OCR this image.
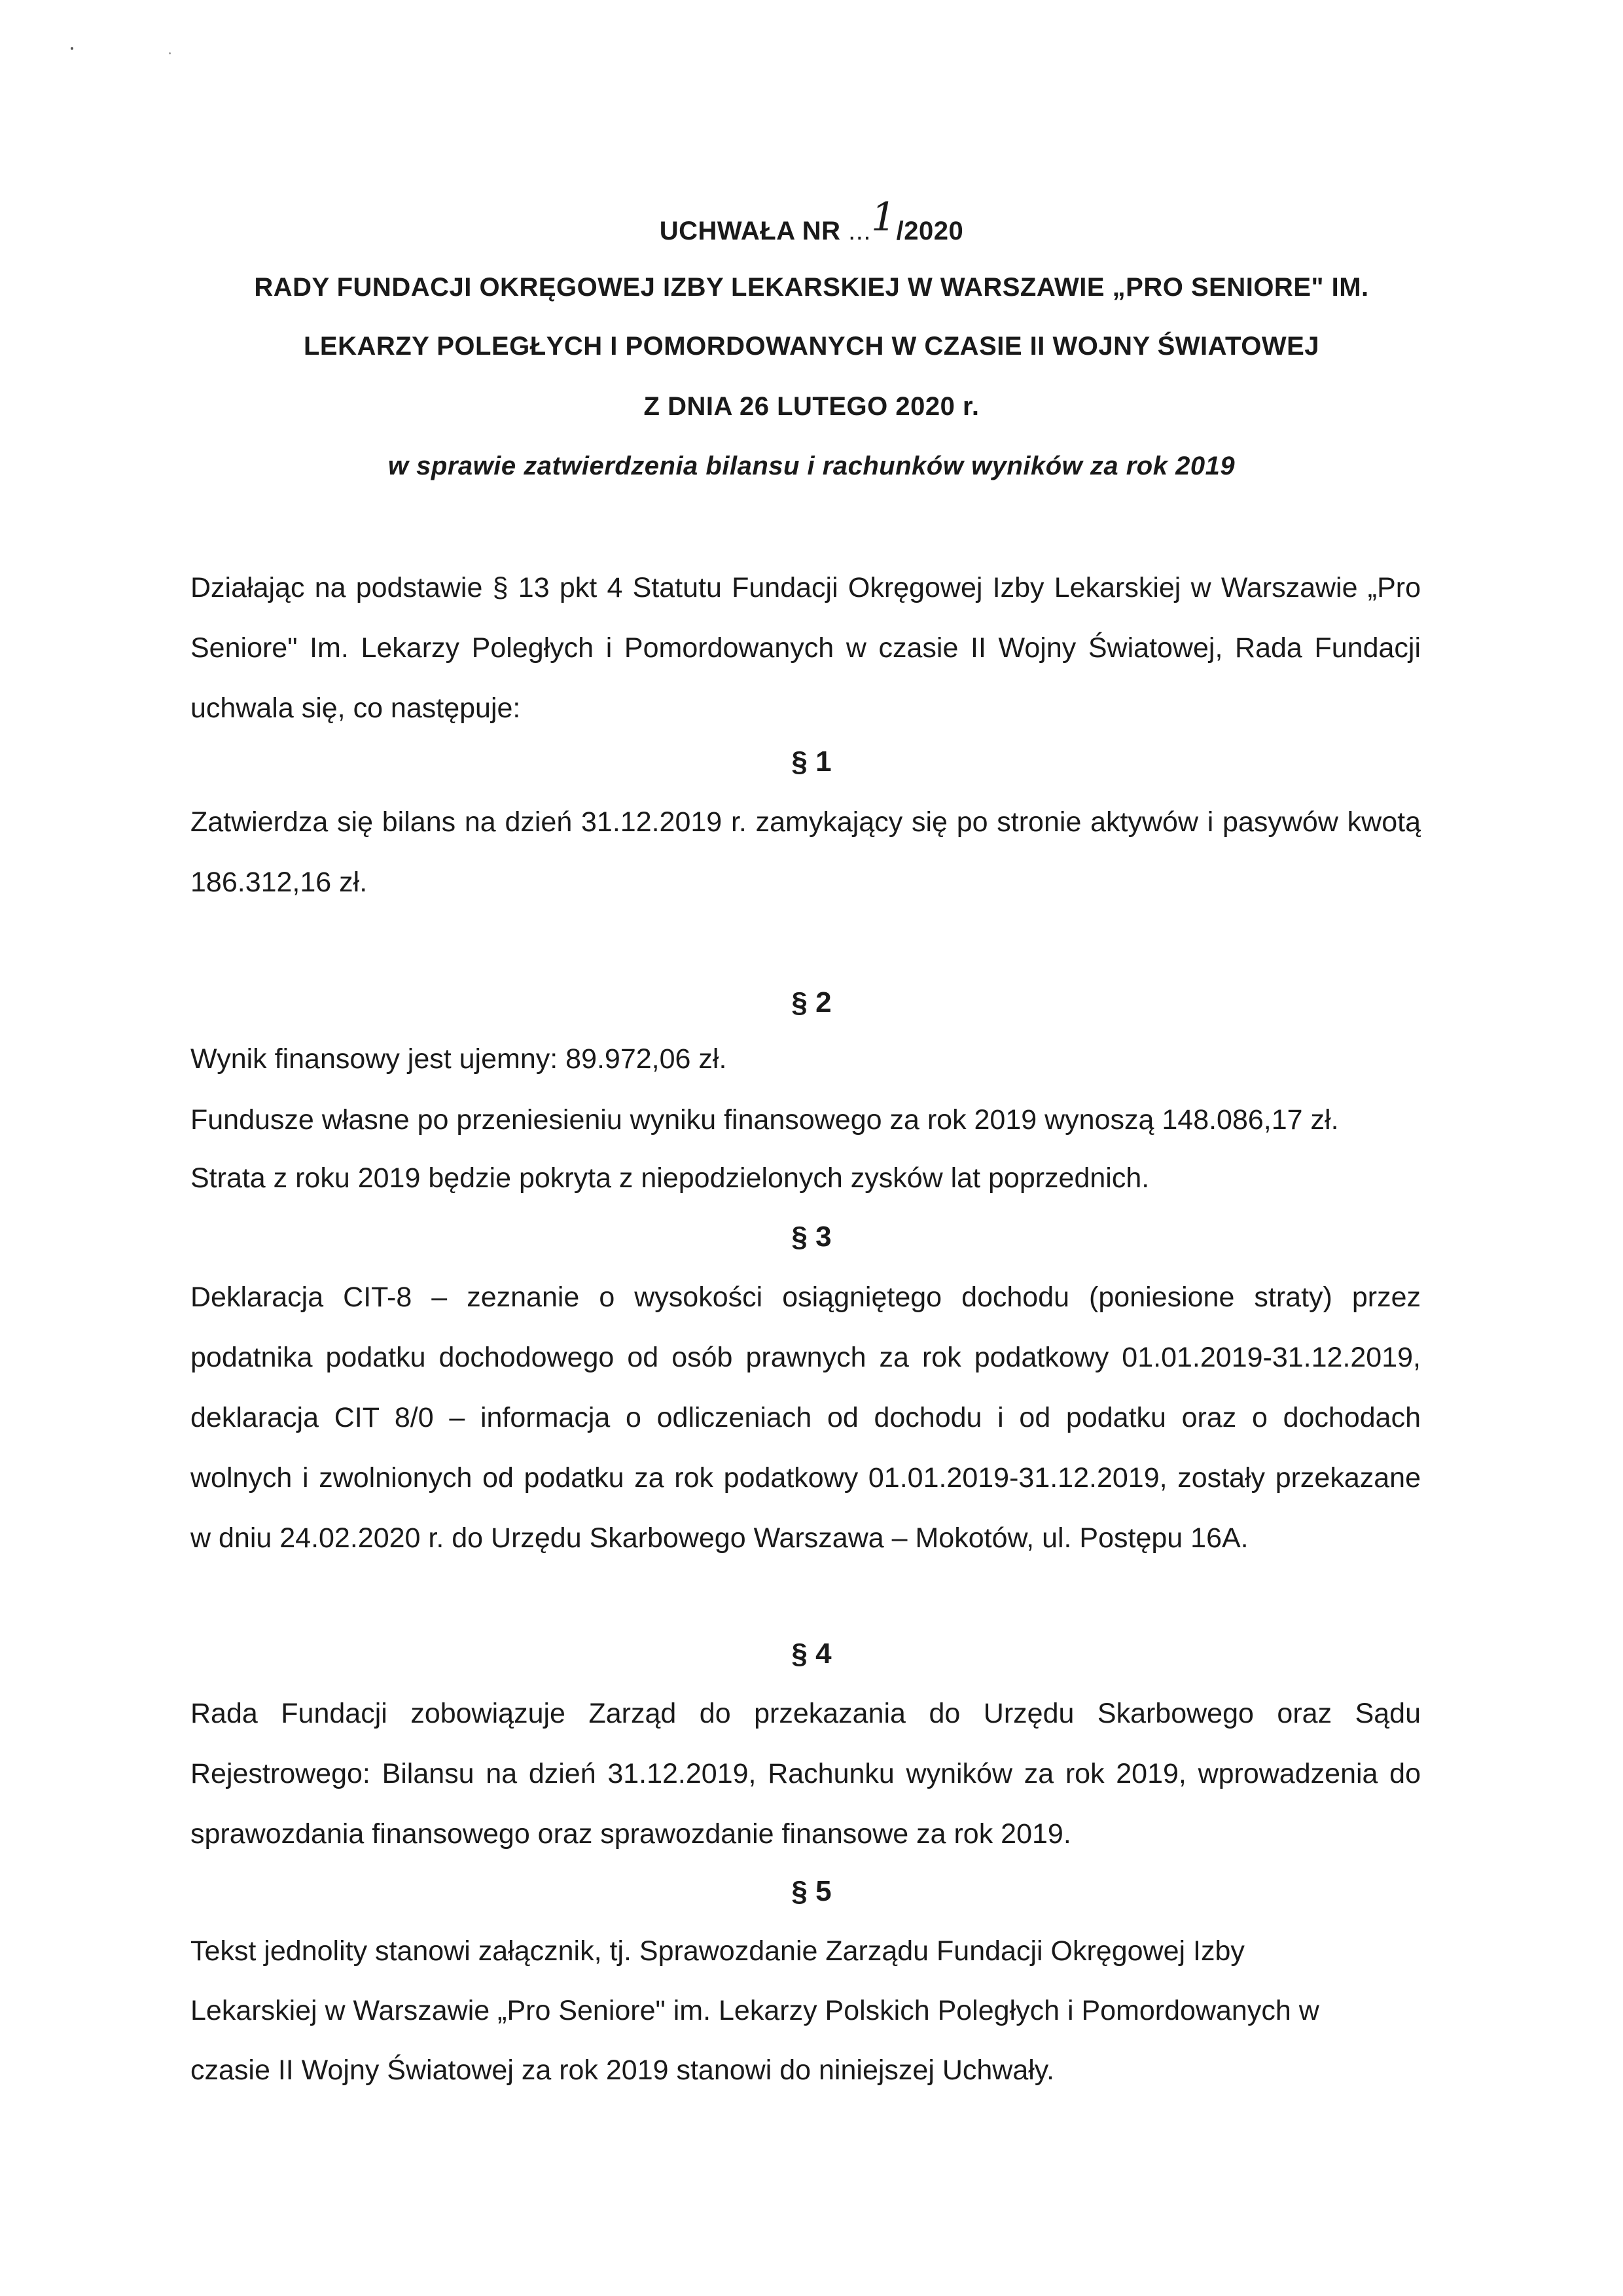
UCHWAŁA NR ...1/2020
RADY FUNDACJI OKRĘGOWEJ IZBY LEKARSKIEJ W WARSZAWIE „PRO SENIORE" IM.
LEKARZY POLEGŁYCH I POMORDOWANYCH W CZASIE II WOJNY ŚWIATOWEJ
Z DNIA 26 LUTEGO 2020 r.
w sprawie zatwierdzenia bilansu i rachunków wyników za rok 2019

Działając na podstawie § 13 pkt 4 Statutu Fundacji Okręgowej Izby Lekarskiej w Warszawie „Pro Seniore" Im. Lekarzy Poległych i Pomordowanych w czasie II Wojny Światowej, Rada Fundacji uchwala się, co następuje:

§ 1

Zatwierdza się bilans na dzień 31.12.2019 r. zamykający się po stronie aktywów i pasywów kwotą 186.312,16 zł.

§ 2
Wynik finansowy jest ujemny: 89.972,06 zł.
Fundusze własne po przeniesieniu wyniku finansowego za rok 2019 wynoszą 148.086,17 zł.
Strata z roku 2019 będzie pokryta z niepodzielonych zysków lat poprzednich.
§ 3

Deklaracja CIT-8 – zeznanie o wysokości osiągniętego dochodu (poniesione straty) przez podatnika podatku dochodowego od osób prawnych za rok podatkowy 01.01.2019-31.12.2019, deklaracja CIT 8/0 – informacja o odliczeniach od dochodu i od podatku oraz o dochodach wolnych i zwolnionych od podatku za rok podatkowy 01.01.2019-31.12.2019, zostały przekazane w dniu 24.02.2020 r. do Urzędu Skarbowego Warszawa – Mokotów, ul. Postępu 16A.

§ 4

Rada Fundacji zobowiązuje Zarząd do przekazania do Urzędu Skarbowego oraz Sądu Rejestrowego: Bilansu na dzień 31.12.2019, Rachunku wyników za rok 2019, wprowadzenia do sprawozdania finansowego oraz sprawozdanie finansowe za rok 2019.

§ 5
Tekst jednolity stanowi załącznik, tj. Sprawozdanie Zarządu Fundacji Okręgowej Izby
Lekarskiej w Warszawie „Pro Seniore" im. Lekarzy Polskich Poległych i Pomordowanych w
czasie II Wojny Światowej za rok 2019 stanowi do niniejszej Uchwały.
